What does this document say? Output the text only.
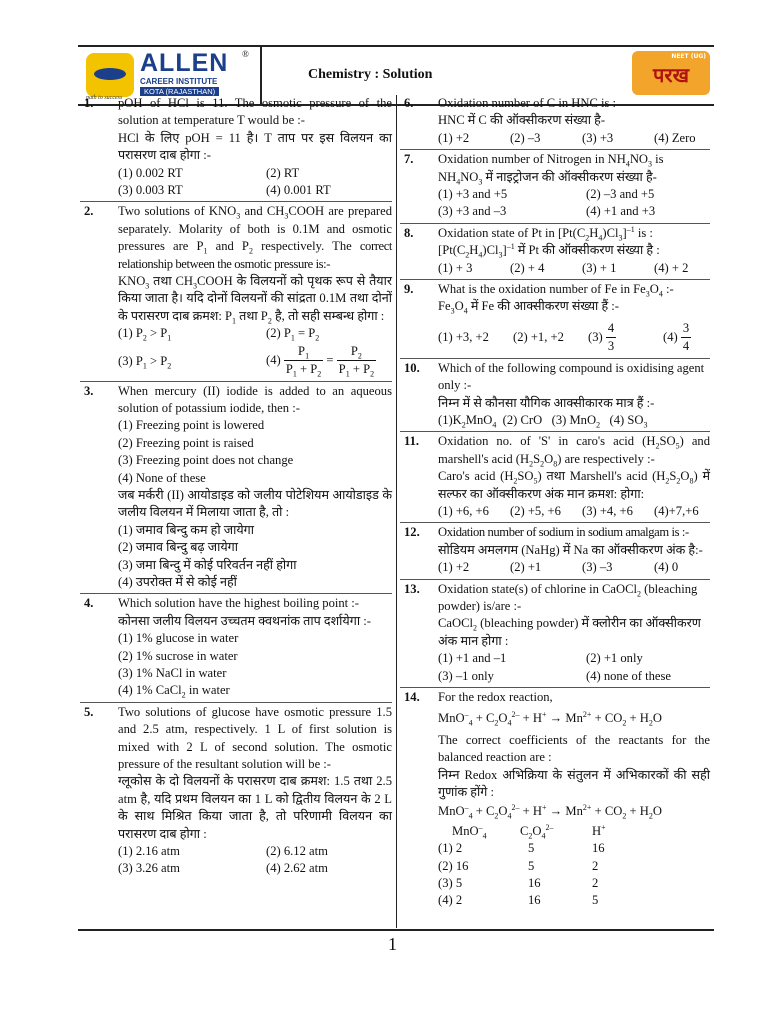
ALLEN
CAREER INSTITUTE
KOTA (RAJASTHAN)
path to success
®
Chemistry : Solution
NEET (UG)
परख
1. pOH of HCl is 11. The osmotic pressure of the solution at temperature T would be :-
HCl के लिए pOH = 11 है। T ताप पर इस विलयन का परासरण दाब होगा :-
(1) 0.002 RT	(2) RT
(3) 0.003 RT	(4) 0.001 RT
2. Two solutions of $KNO_3$ and $CH_3COOH$ are prepared separately. Molarity of both is 0.1M and osmotic pressures are $P_1$ and $P_2$ respectively. The correct relationship between the osmotic pressure is:-
$KNO_3$ तथा $CH_3COOH$ के विलयनों को पृथक रूप से तैयार किया जाता है। यदि दोनों विलयनों की सांद्रता 0.1M तथा दोनों के परासरण दाब क्रमश: $P_1$ तथा $P_2$ है, तो सही सम्बन्ध होगा :
(1) $P_2 > P_1$	(2) $P_1 = P_2$
(3) $P_1 > P_2$	$(4) \frac{P_1}{P_1 + P_2} = \frac{P_2}{P_1 + P_2}$
3. When mercury (II) iodide is added to an aqueous solution of potassium iodide, then :-
(1) Freezing point is lowered
(2) Freezing point is raised
(3) Freezing point does not change
(4) None of these
जब मर्करी (II) आयोडाइड को जलीय पोटेशियम आयोडाइड के जलीय विलयन में मिलाया जाता है, तो :
(1) जमाव बिन्दु कम हो जायेगा
(2) जमाव बिन्दु बढ़ जायेगा
(3) जमा बिन्दु में कोई परिवर्तन नहीं होगा
(4) उपरोक्त में से कोई नहीं
4. Which solution have the highest boiling point :-
कोनसा जलीय विलयन उच्चतम क्वथनांक ताप दर्शायेगा :-
(1) 1% glucose in water
(2) 1% sucrose in water
(3) 1% NaCl in water
(4) 1% CaCl$_2$ in water
5. Two solutions of glucose have osmotic pressure 1.5 and 2.5 atm, respectively. 1 L of first solution is mixed with 2 L of second solution. The osmotic pressure of the resultant solution will be :-
ग्लूकोस के दो विलयनों के परासरण दाब क्रमश: 1.5 तथा 2.5 atm है, यदि प्रथम विलयन का 1 L को द्वितीय विलयन के 2 L के साथ मिश्रित किया जाता है, तो परिणामी विलयन का परासरण दाब होगा :
(1) 2.16 atm	(2) 6.12 atm
(3) 3.26 atm	(4) 2.62 atm
6. Oxidation number of C in HNC is :
HNC में C की ऑक्सीकरण संख्या है-
(1) +2	(2) –3	(3) +3	(4) Zero
7. Oxidation number of Nitrogen in $NH_4NO_3$ is
$NH_4NO_3$ में नाइट्रोजन की ऑक्सीकरण संख्या है-
(1) +3 and +5	(2) –3 and +5
(3) +3 and –3	(4) +1 and +3
8. Oxidation state of Pt in $[Pt(C_2H_4)Cl_3]^{-1}$ is :
$[Pt(C_2H_4)Cl_3]^{-1}$ में Pt की ऑक्सीकरण संख्या है :
(1) + 3	(2) + 4	(3) + 1	(4) + 2
9. What is the oxidation number of Fe in $Fe_3O_4$ :-
$Fe_3O_4$ में Fe की आक्सीकरण संख्या हैं :-
(1) +3, +2	(2) +1, +2	$(3) \frac{4}{3}$	$(4) \frac{3}{4}$
10. Which of the following compound is oxidising agent only :-
निम्न में से कौनसा यौगिक आक्सीकारक मात्र हैं :-
$(1)K_2MnO_4$  (2) CrO   (3) MnO$_2$   (4) $SO_3$
11. Oxidation no. of 'S' in caro's acid $(H_2SO_5)$ and marshell's acid $(H_2S_2O_8)$ are respectively :-
Caro's acid $(H_2SO_5)$ तथा Marshell's acid $(H_2S_2O_8)$ में सल्फर का ऑक्सीकरण अंक मान क्रमश: होगा:
(1) +6, +6	(2) +5, +6	(3) +4, +6	(4)+7,+6
12. Oxidation number of sodium in sodium amalgam is :-
सोडियम अमलगम (NaHg) में Na का ऑक्सीकरण अंक है:-
(1) +2	(2) +1	(3) –3	(4) 0
13. Oxidation state(s) of chlorine in CaOCl$_2$ (bleaching powder) is/are :-
CaOCl$_2$ (bleaching powder) में क्लोरीन का ऑक्सीकरण अंक मान होगा :
(1) +1 and –1	(2) +1 only
(3) –1 only	(4) none of these
14. For the redox reaction,
$MnO^-_4 + C_2O_4^{2-} + H^+ \to Mn^{2+} + CO_2 + H_2O$
The correct coefficients of the reactants for the balanced reaction are :
निम्न Redox अभिक्रिया के संतुलन में अभिकारकों की सही गुणांक होंगे :
$MnO^-_4 + C_2O_4^{2-} + H^+ \to Mn^{2+} + CO_2 + H_2O$
MnO–$_4$	$C_2O_4^{2-}$	H+
(1) 2	5	16
(2) 16	5	2
(3) 5	16	2
(4) 2	16	5
1
